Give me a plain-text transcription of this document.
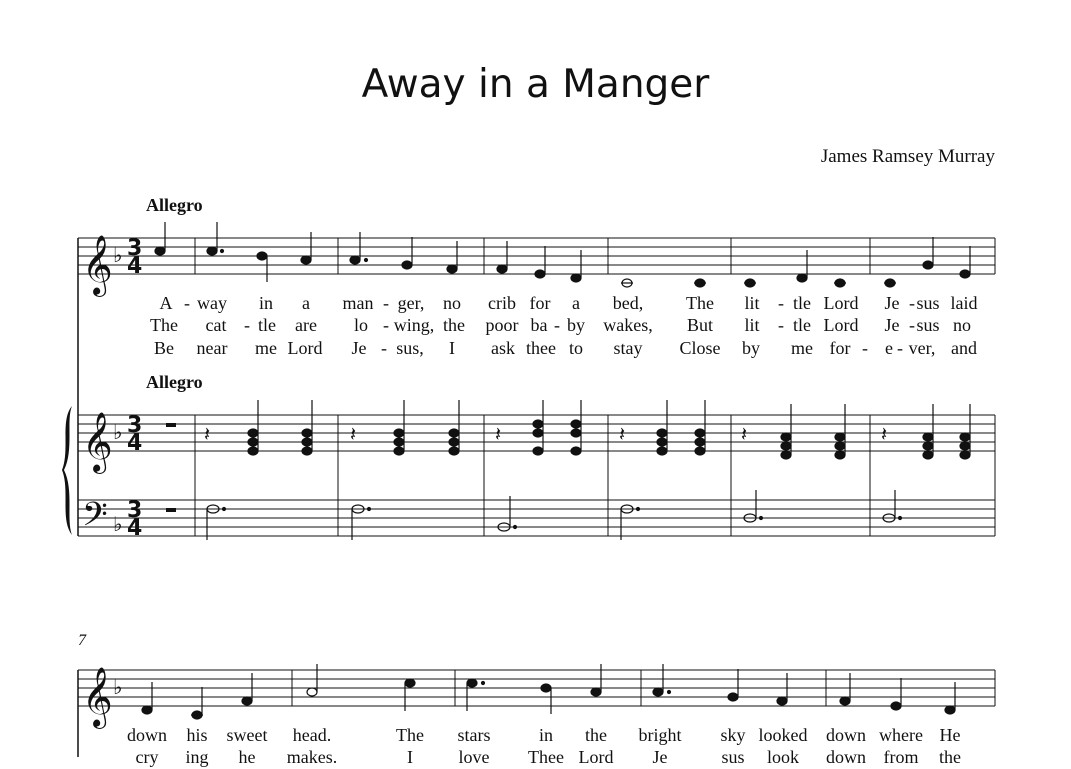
Away in a Manger
James Ramsey Murray
Allegro
Allegro
7
𝄞
𝄞
𝄢
𝄞
♭
♭
♭
♭
3
4
3
4
3
4
𝄽	𝄽	𝄽	𝄽	𝄽	𝄽
A - way in a man - ger, no crib for a bed, The lit - tle Lord Je - sus laid
The cat - tle are lo - wing, the poor ba - by wakes, But lit - tle Lord Je - sus no
Be near me Lord Je - sus, I ask thee to stay Close by me for - e - ver, and
down his sweet head.	The stars	in the bright sky looked down where He
cry ing he makes.	I	love Thee Lord Je	sus look down from the
